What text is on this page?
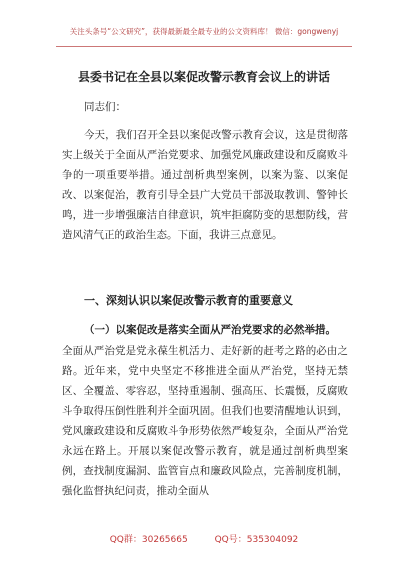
关注头条号“公文研究”，获得最新最全最专业的公文资料库！ 微信：gongwenyj
县委书记在全县以案促改警示教育会议上的讲话
同志们：
今天，我们召开全县以案促改警示教育会议，这是贯彻落实上级关于全面从严治党要求、加强党风廉政建设和反腐败斗争的一项重要举措。通过剖析典型案例，以案为鉴、以案促改、以案促治，教育引导全县广大党员干部汲取教训、警钟长鸣，进一步增强廉洁自律意识，筑牢拒腐防变的思想防线，营造风清气正的政治生态。下面，我讲三点意见。
一、深刻认识以案促改警示教育的重要意义
（一）以案促改是落实全面从严治党要求的必然举措。
全面从严治党是党永葆生机活力、走好新的赶考之路的必由之路。近年来，党中央坚定不移推进全面从严治党，坚持无禁区、全覆盖、零容忍，坚持重遏制、强高压、长震慑，反腐败斗争取得压倒性胜利并全面巩固。但我们也要清醒地认识到，党风廉政建设和反腐败斗争形势依然严峻复杂，全面从严治党永远在路上。开展以案促改警示教育，就是通过剖析典型案例，查找制度漏洞、监管盲点和廉政风险点，完善制度机制，强化监督执纪问责，推动全面从
QQ群：30265665	QQ号：535304092
